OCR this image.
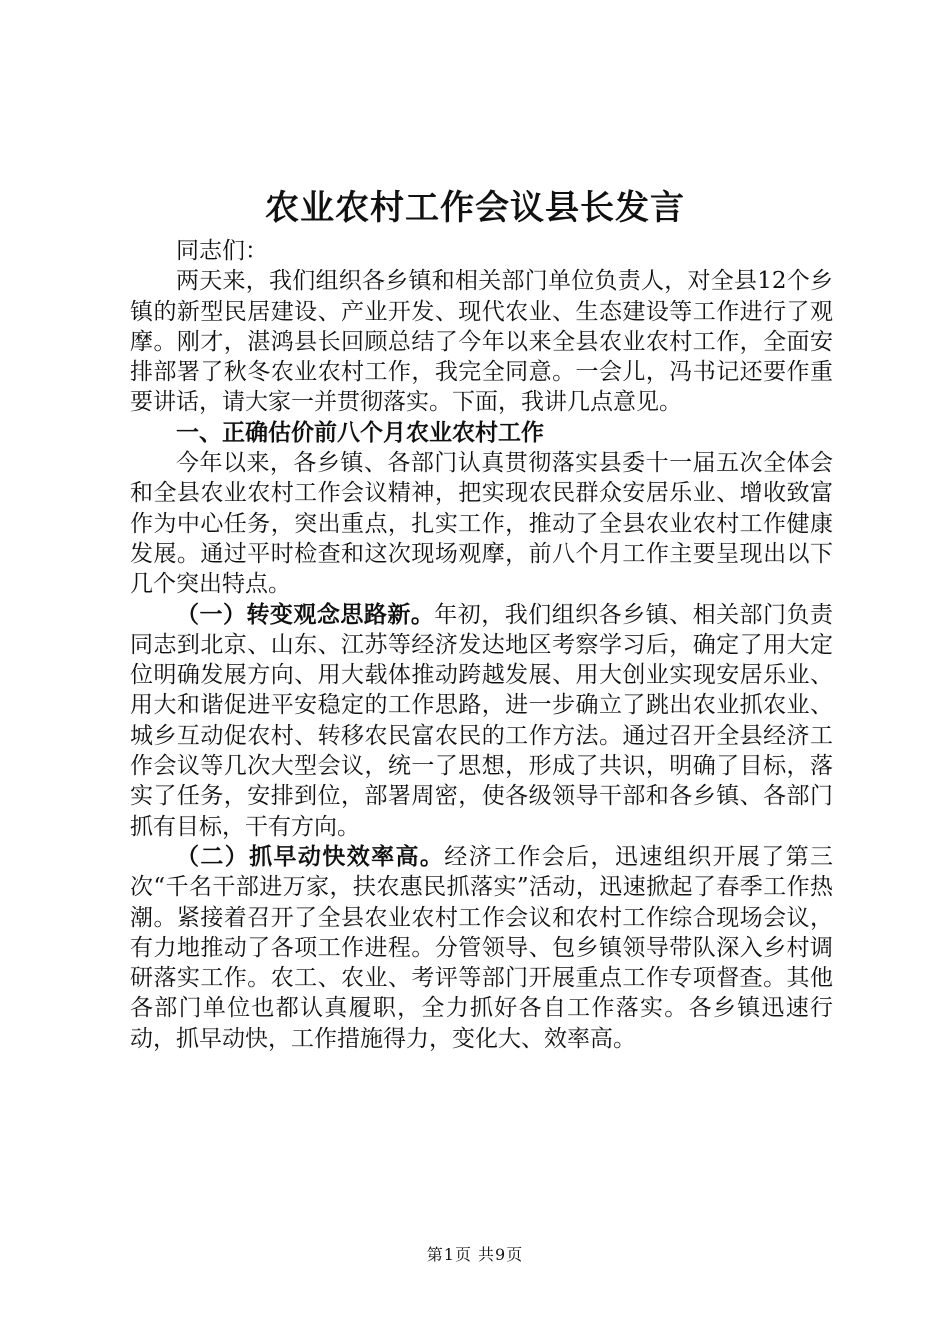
农业农村工作会议县长发言

同志们：

两天来，我们组织各乡镇和相关部门单位负责人，对全县12个乡镇的新型民居建设、产业开发、现代农业、生态建设等工作进行了观摩。刚才，湛鸿县长回顾总结了今年以来全县农业农村工作，全面安排部署了秋冬农业农村工作，我完全同意。一会儿，冯书记还要作重要讲话，请大家一并贯彻落实。下面，我讲几点意见。

一、正确估价前八个月农业农村工作

今年以来，各乡镇、各部门认真贯彻落实县委十一届五次全体会和全县农业农村工作会议精神，把实现农民群众安居乐业、增收致富作为中心任务，突出重点，扎实工作，推动了全县农业农村工作健康发展。通过平时检查和这次现场观摩，前八个月工作主要呈现出以下几个突出特点。

（一）转变观念思路新。年初，我们组织各乡镇、相关部门负责同志到北京、山东、江苏等经济发达地区考察学习后，确定了用大定位明确发展方向、用大载体推动跨越发展、用大创业实现安居乐业、用大和谐促进平安稳定的工作思路，进一步确立了跳出农业抓农业、城乡互动促农村、转移农民富农民的工作方法。通过召开全县经济工作会议等几次大型会议，统一了思想，形成了共识，明确了目标，落实了任务，安排到位，部署周密，使各级领导干部和各乡镇、各部门抓有目标，干有方向。

（二）抓早动快效率高。经济工作会后，迅速组织开展了第三次“千名干部进万家，扶农惠民抓落实”活动，迅速掀起了春季工作热潮。紧接着召开了全县农业农村工作会议和农村工作综合现场会议，有力地推动了各项工作进程。分管领导、包乡镇领导带队深入乡村调研落实工作。农工、农业、考评等部门开展重点工作专项督查。其他各部门单位也都认真履职，全力抓好各自工作落实。各乡镇迅速行动，抓早动快，工作措施得力，变化大、效率高。

第1页 共9页
